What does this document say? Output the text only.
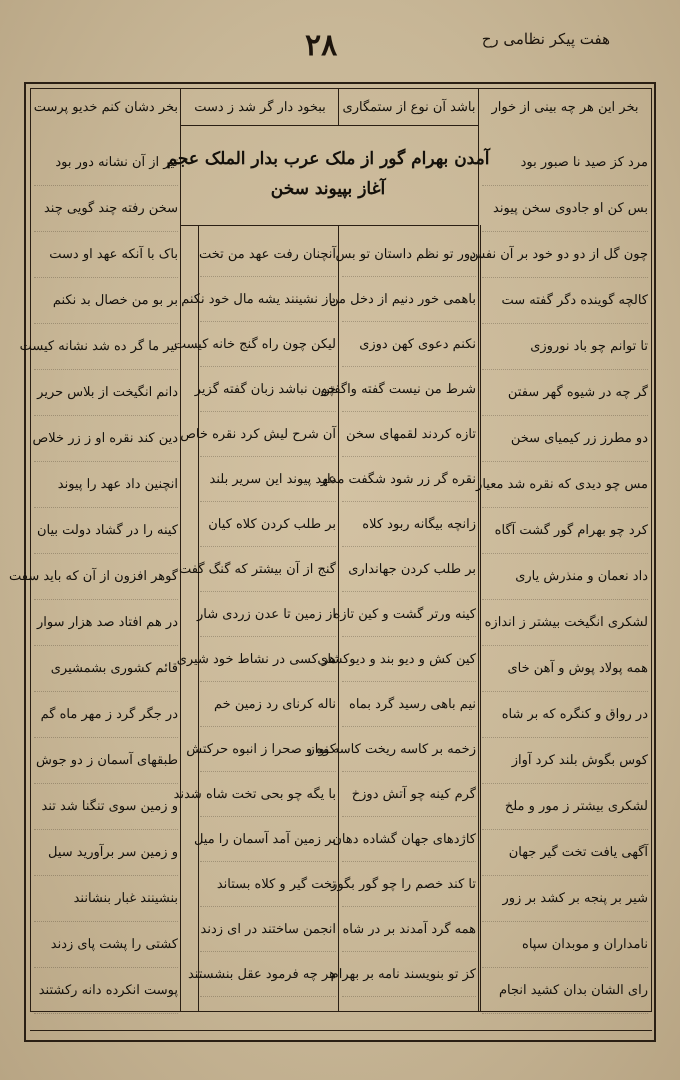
هفت پیکر نظامی رح
۲۸
بخر این هر چه بینی از خوار
باشد آن نوع از ستمگاری
ببخود دار گر شد ز دست
بخر دشان کنم خدیو پرست
آمدن بهرام گور از ملک عرب بدار الملک عجم
آغاز بپیوند سخن
مرد کز صید نا صبور بود
بس کن او جادوی سخن پیوند
چون گل از دو دو خود بر آن نفس
کالچه گوینده دگر گفته ست
تا توانم چو باد نوروزی
گر چه در شیوه گهر سفتن
دو مطرز زر کیمیای سخن
مس چو دیدی که نقره شد معیار
کرد چو بهرام گور گشت آگاه
داد نعمان و منذرش یاری
لشکری انگیخت بیشتر ز اندازه
همه پولاد پوش و آهن خای
در رواق و کنگره که بر شاه
کوس بگوش بلند کرد آواز
لشکری بیشتر ز مور و ملخ
آگهی یافت تخت گیر جهان
شیر بر پنجه بر کشد بر زور
نامداران و موبدان سپاه
رای الشان بدان کشید انجام
دور تو نظم داستان تو بس
باهمی خور دنیم از دخل من
نکنم دعوی کهن دوزی
شرط من نیست گفته واگفتن
تازه کردند لقمهای سخن
نقره گر زر شود شگفت مدار
زانچه بیگانه ربود کلاه
بر طلب کردن جهانداری
کینه ورتر گشت و کین تازه
کین کش و دیو بند و دیوکشای
نیم باهی رسید گرد بماه
زخمه بر کاسه ریخت کاسه نواز
گرم کینه چو آتش دوزخ
کاژدهای جهان گشاده دهان
تا کند خصم را چو گور بگور
همه گرد آمدند بر در شاه
کز تو بنویسند نامه بر بهرام
آنچنان رفت عهد من تخت
باز نشینند یشه مال خود نکنم
لیکن چون راه گنج خانه کیست
چون نباشد زبان گفته گزیر
آن شرح لیش کرد نقره خاص
عهد پیوند این سریر بلند
بر طلب کردن کلاه کیان
گنج از آن بیشتر که گنگ گفت
از زمین تا عدن زردی شار
هر کسی در نشاط خود شیری
ناله کرنای رد زمین خم
کوه و صحرا ز انبوه حرکتش
با یگه چو بحی تخت شاه شدند
بر زمین آمد آسمان را میل
تخت گیر و کلاه بستاند
انجمن ساختند در ای زدند
هر چه فرمود عقل بنشستند
تیر از آن نشانه دور بود
سخن رفته چند گویی چند
باک با آنکه عهد او دست
بر بو من خصال بد نکنم
تیر ما گر ده شد نشانه کیست
دانم انگیخت از بلاس حریر
دین کند نقره او ز زر خلاص
انچنین داد عهد را پیوند
کینه را در گشاد دولت بیان
گوهر افزون از آن که باید سفت
در هم افتاد صد هزار سوار
قائم کشوری بشمشیری
در جگر گرد ز مهر ماه گم
طبقهای آسمان ز دو جوش
و زمین سوی تنگنا شد تند
و زمین سر برآورید سیل
بنشینند غبار بنشانند
کشتی را پشت پای زدند
پوست انکرده دانه رکشتند
